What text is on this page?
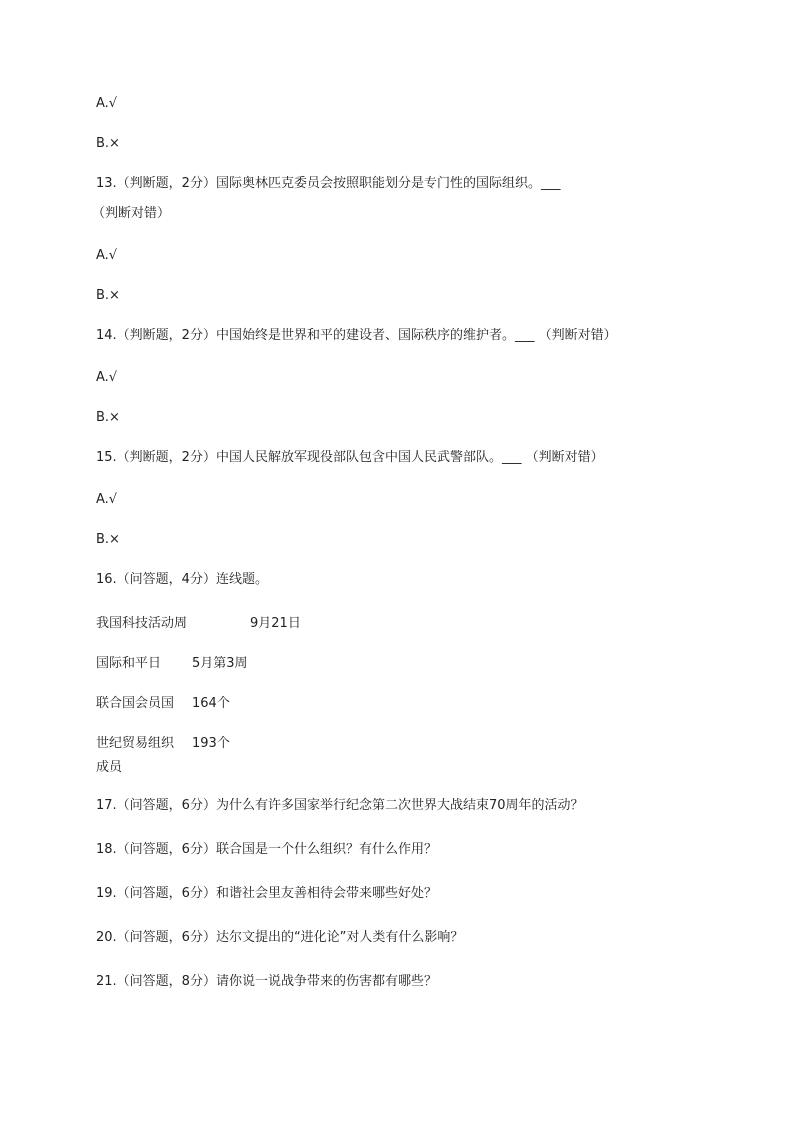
A.√
B.×
13.（判断题，2分）国际奥林匹克委员会按照职能划分是专门性的国际组织。___
（判断对错）
A.√
B.×
14.（判断题，2分）中国始终是世界和平的建设者、国际秩序的维护者。___ （判断对错）
A.√
B.×
15.（判断题，2分）中国人民解放军现役部队包含中国人民武警部队。___ （判断对错）
A.√
B.×
16.（问答题，4分）连线题。
我国科技活动周	9月21日
国际和平日 5月第3周
联合国会员国 164个
世纪贸易组织 193个
成员
17.（问答题，6分）为什么有许多国家举行纪念第二次世界大战结束70周年的活动？
18.（问答题，6分）联合国是一个什么组织？有什么作用？
19.（问答题，6分）和谐社会里友善相待会带来哪些好处？
20.（问答题，6分）达尔文提出的“进化论”对人类有什么影响？
21.（问答题，8分）请你说一说战争带来的伤害都有哪些？
